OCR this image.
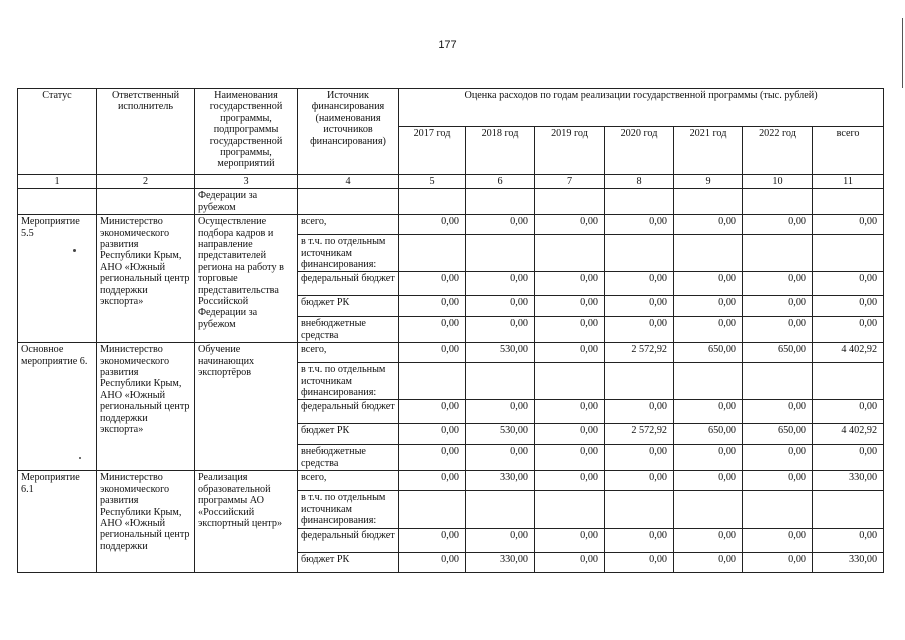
177
Статус	Ответственный исполнитель	Наименования государственной программы, подпрограммы государственной программы, мероприятий	Источник финансирования (наименования источников финансирования)	Оценка расходов по годам реализации государственной программы (тыс. рублей)						
				2017 год	2018 год	2019 год	2020 год	2021 год	2022 год	всего
1	2	3	4	5	6	7	8	9	10	11
		Федерации за рубежом								
Мероприятие 5.5	Министерство экономического развития Республики Крым, АНО «Южный региональный центр поддержки экспорта»	Осуществление подбора кадров и направление представителей региона на работу в торговые представительства Российской Федерации за рубежом	всего,	0,00	0,00	0,00	0,00	0,00	0,00	0,00
			в т.ч. по отдельным источникам финансирования:							
			федеральный бюджет	0,00	0,00	0,00	0,00	0,00	0,00	0,00
			бюджет РК	0,00	0,00	0,00	0,00	0,00	0,00	0,00
			внебюджетные средства	0,00	0,00	0,00	0,00	0,00	0,00	0,00
Основное мероприятие 6.	Министерство экономического развития Республики Крым, АНО «Южный региональный центр поддержки экспорта»	Обучение начинающих экспортёров	всего,	0,00	530,00	0,00	2 572,92	650,00	650,00	4 402,92
			в т.ч. по отдельным источникам финансирования:							
			федеральный бюджет	0,00	0,00	0,00	0,00	0,00	0,00	0,00
			бюджет РК	0,00	530,00	0,00	2 572,92	650,00	650,00	4 402,92
			внебюджетные средства	0,00	0,00	0,00	0,00	0,00	0,00	0,00
Мероприятие 6.1	Министерство экономического развития Республики Крым, АНО «Южный региональный центр поддержки	Реализация образовательной программы АО «Российский экспортный центр»	всего,	0,00	330,00	0,00	0,00	0,00	0,00	330,00
			в т.ч. по отдельным источникам финансирования:							
			федеральный бюджет	0,00	0,00	0,00	0,00	0,00	0,00	0,00
			бюджет РК	0,00	330,00	0,00	0,00	0,00	0,00	330,00
